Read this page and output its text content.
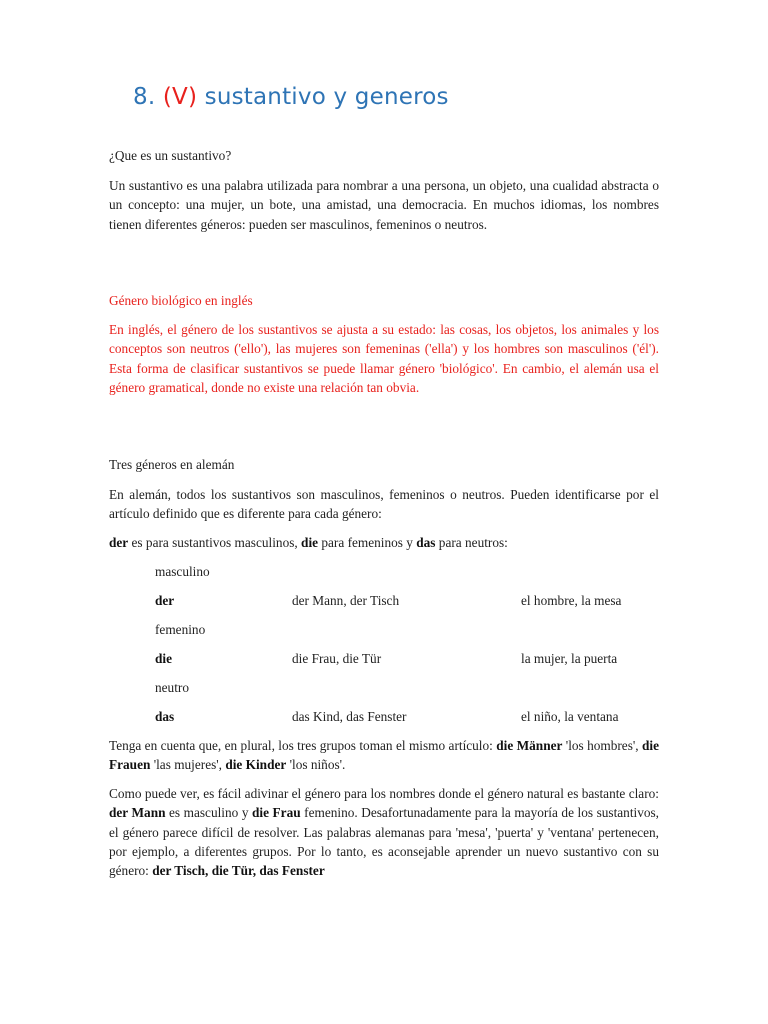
8. (V) sustantivo y generos

¿Que es un sustantivo?

Un sustantivo es una palabra utilizada para nombrar a una persona, un objeto, una cualidad abstracta o un concepto: una mujer, un bote, una amistad, una democracia. En muchos idiomas, los nombres tienen diferentes géneros: pueden ser masculinos, femeninos o neutros.

Género biológico en inglés

En inglés, el género de los sustantivos se ajusta a su estado: las cosas, los objetos, los animales y los conceptos son neutros ('ello'), las mujeres son femeninas ('ella') y los hombres son masculinos ('él'). Esta forma de clasificar sustantivos se puede llamar género 'biológico'. En cambio, el alemán usa el género gramatical, donde no existe una relación tan obvia.

Tres géneros en alemán

En alemán, todos los sustantivos son masculinos, femeninos o neutros. Pueden identificarse por el artículo definido que es diferente para cada género:

der es para sustantivos masculinos, die para femeninos y das para neutros:

masculino

der	der Mann, der Tisch	el hombre, la mesa

femenino

die	die Frau, die Tür	la mujer, la puerta

neutro

das	das Kind, das Fenster	el niño, la ventana

Tenga en cuenta que, en plural, los tres grupos toman el mismo artículo: die Männer 'los hombres', die Frauen 'las mujeres', die Kinder 'los niños'.

Como puede ver, es fácil adivinar el género para los nombres donde el género natural es bastante claro: der Mann es masculino y die Frau femenino. Desafortunadamente para la mayoría de los sustantivos, el género parece difícil de resolver. Las palabras alemanas para 'mesa', 'puerta' y 'ventana' pertenecen, por ejemplo, a diferentes grupos. Por lo tanto, es aconsejable aprender un nuevo sustantivo con su género: der Tisch, die Tür, das Fenster
